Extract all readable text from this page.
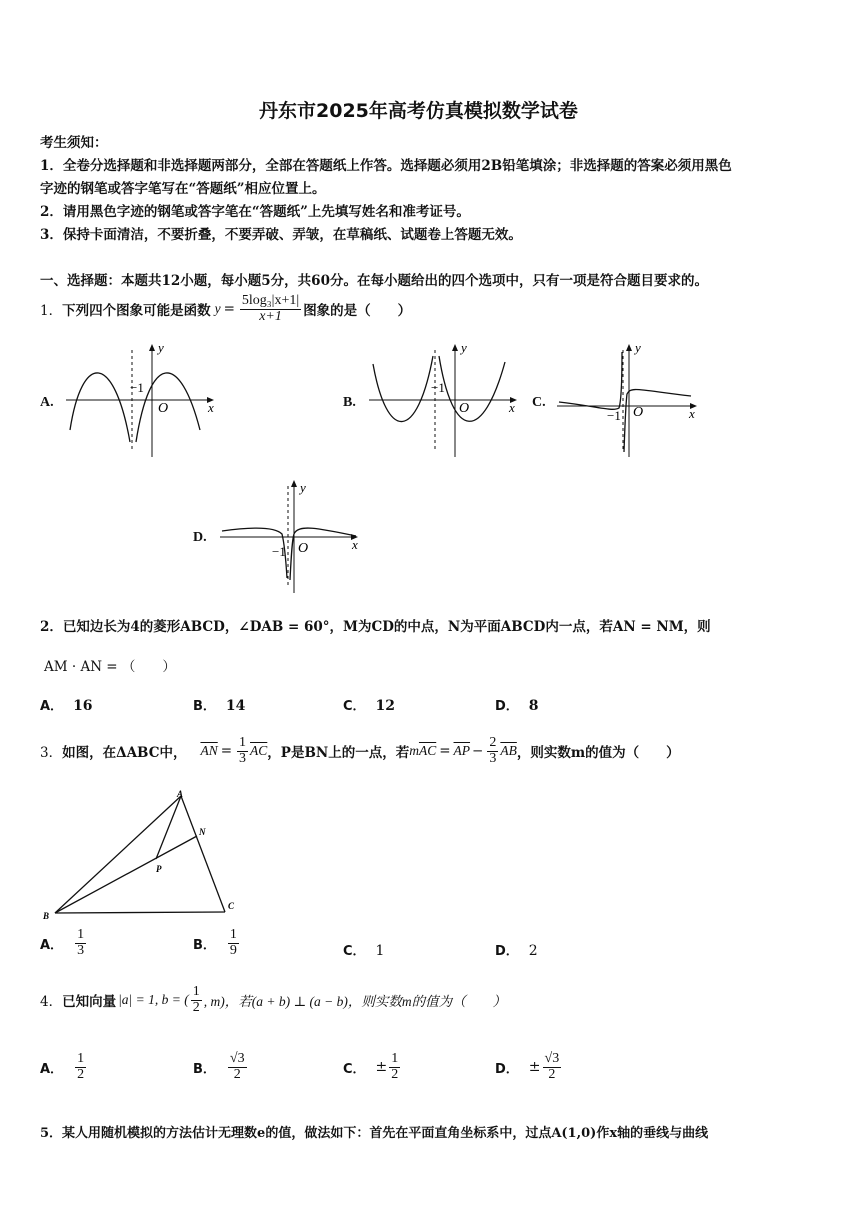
丹东市2025年高考仿真模拟数学试卷
考生须知：
1．全卷分选择题和非选择题两部分，全部在答题纸上作答。选择题必须用2B铅笔填涂；非选择题的答案必须用黑色
字迹的钢笔或答字笔写在“答题纸”相应位置上。
2．请用黑色字迹的钢笔或答字笔在“答题纸”上先填写姓名和准考证号。
3．保持卡面清洁，不要折叠，不要弄破、弄皱，在草稿纸、试题卷上答题无效。
一、选择题：本题共12小题，每小题5分，共60分。在每小题给出的四个选项中，只有一项是符合题目要求的。
1． 下列四个图象可能是函数 $y = \frac{\text{5log₃|x+1|}}{x+1}$ 图象的是（　　）
A.	B.	C.
D.
y
x
O
−1
y
x
O
−1
y
x
O
−1
y
x
O
−1
2．已知边长为4的菱形ABCD，∠DAB = 60°，M为CD的中点，N为平面ABCD内一点，若AN = NM，则
AM · AN = （　　）
A． 16	B． 14	C． 12	D． 8
3． 如图，在ΔABC中， $\overline{AN} = \frac{1}{3} \overline{AC}$ ，P是BN上的一点，若 m $\overline{AC} = \overline{AP} - \frac{2}{3} \overline{AB}$ ，则实数m的值为（　　）
A
N
P
B
C
A． $\frac{1}{3}$	B． $\frac{1}{9}$	C． 1	D． 2
4． 已知向量 |a| = 1, b = ( $\frac{1}{2}$ , m)，若(a + b) ⊥ (a − b)，则实数m的值为（　　）
A． $\frac{1}{2}$	B． $\frac{√3}{2}$	C． ± $\frac{1}{2}$	D． ± $\frac{√3}{2}$
5．某人用随机模拟的方法估计无理数e的值，做法如下：首先在平面直角坐标系中，过点A(1,0)作x轴的垂线与曲线
